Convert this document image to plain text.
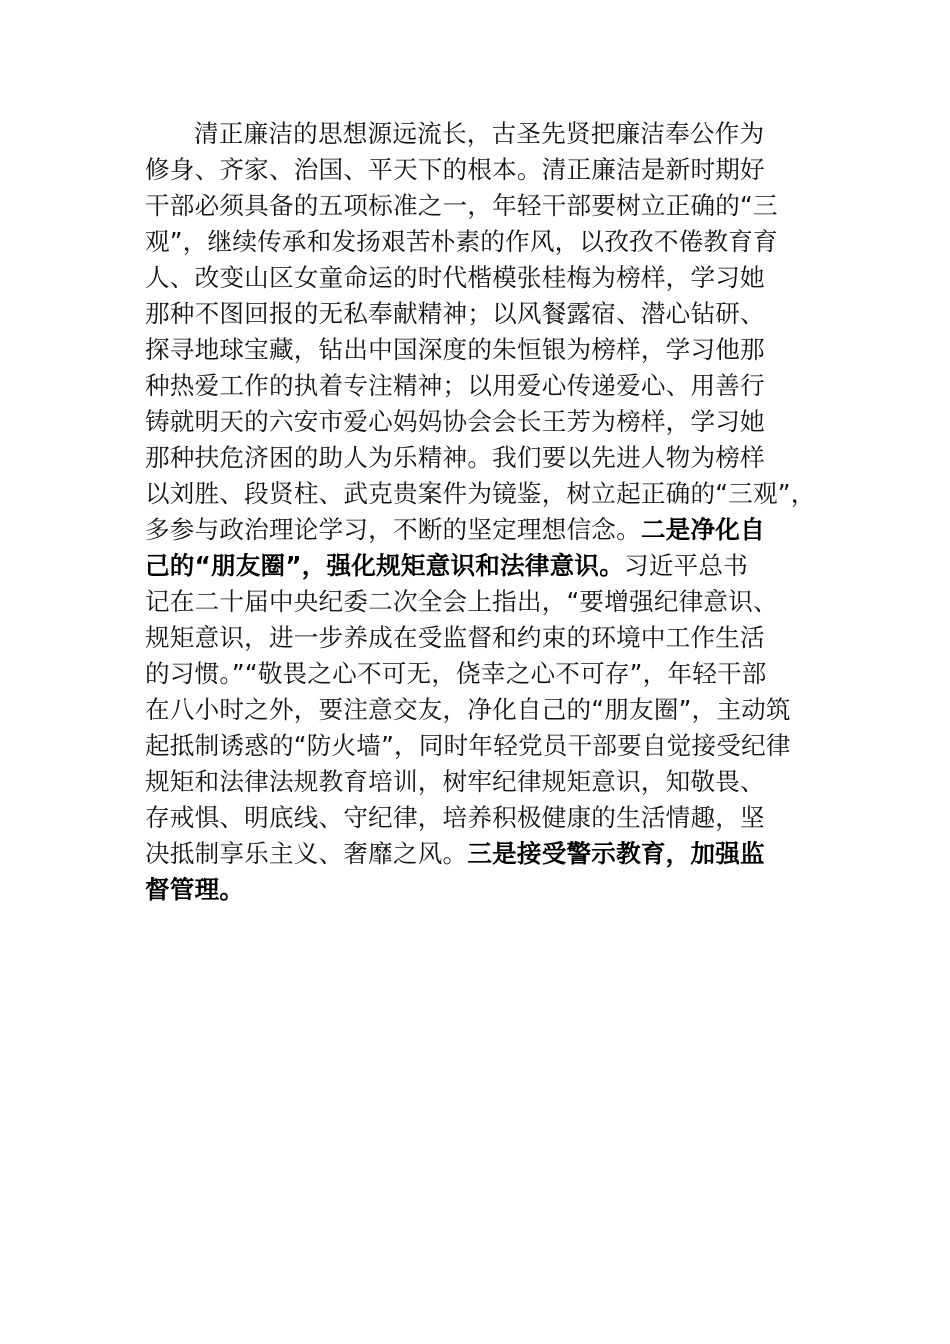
清正廉洁的思想源远流长，古圣先贤把廉洁奉公作为
修身、齐家、治国、平天下的根本。清正廉洁是新时期好
干部必须具备的五项标准之一，年轻干部要树立正确的“三
观”，继续传承和发扬艰苦朴素的作风，以孜孜不倦教育育
人、改变山区女童命运的时代楷模张桂梅为榜样，学习她
那种不图回报的无私奉献精神；以风餐露宿、潜心钻研、
探寻地球宝藏，钻出中国深度的朱恒银为榜样，学习他那
种热爱工作的执着专注精神；以用爱心传递爱心、用善行
铸就明天的六安市爱心妈妈协会会长王芳为榜样，学习她
那种扶危济困的助人为乐精神。我们要以先进人物为榜样
以刘胜、段贤柱、武克贵案件为镜鉴，树立起正确的“三观”，
多参与政治理论学习，不断的坚定理想信念。二是净化自
己的“朋友圈”，强化规矩意识和法律意识。习近平总书
记在二十届中央纪委二次全会上指出，“要增强纪律意识、
规矩意识，进一步养成在受监督和约束的环境中工作生活
的习惯。”“敬畏之心不可无，侥幸之心不可存”，年轻干部
在八小时之外，要注意交友，净化自己的“朋友圈”，主动筑
起抵制诱惑的“防火墙”，同时年轻党员干部要自觉接受纪律
规矩和法律法规教育培训，树牢纪律规矩意识，知敬畏、
存戒惧、明底线、守纪律，培养积极健康的生活情趣，坚
决抵制享乐主义、奢靡之风。三是接受警示教育，加强监
督管理。
